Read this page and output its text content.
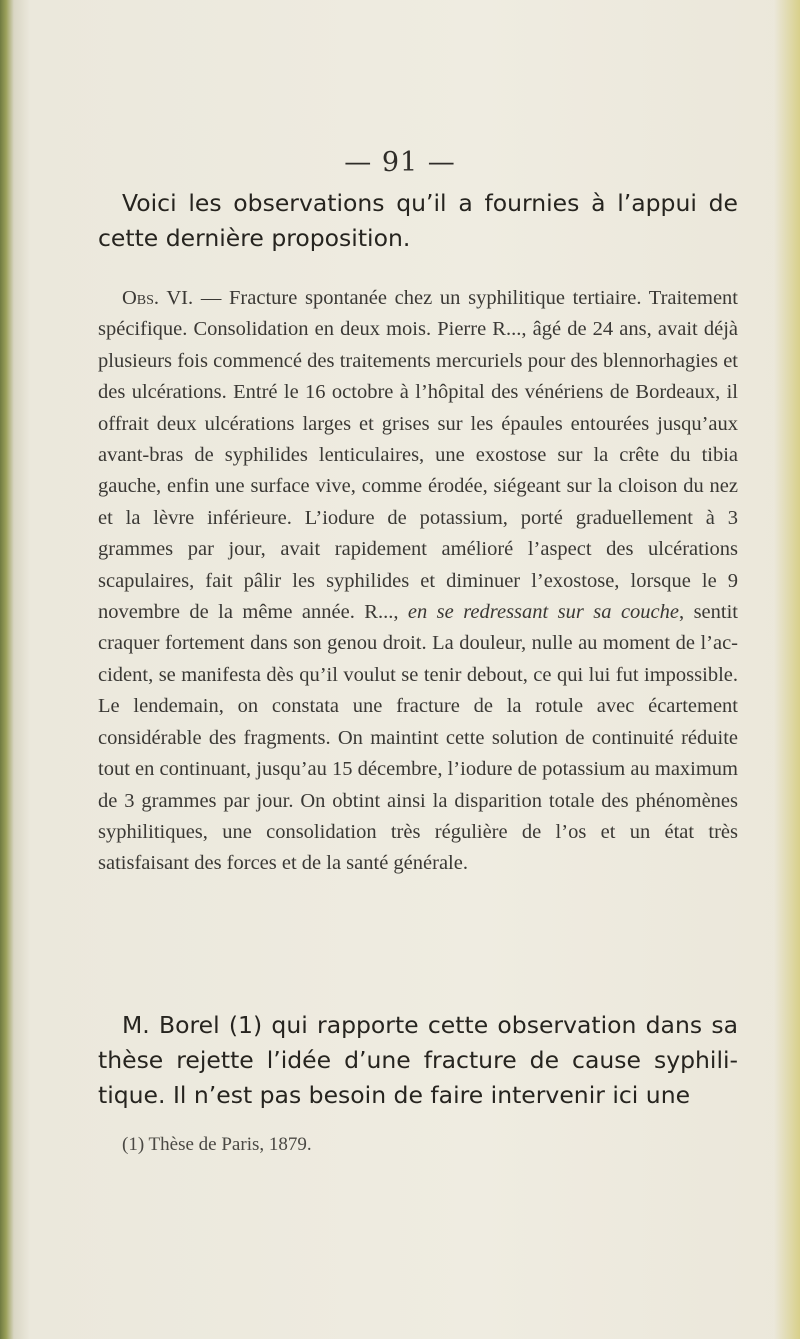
— 91 —

Voici les observations qu’il a fournies à l’appui de cette dernière proposition.

Obs. VI. — Fracture spontanée chez un syphilitique tertiaire. Traitement spécifique. Consolidation en deux mois. Pierre R..., âgé de 24 ans, avait déjà plusieurs fois commencé des traitements mercuriels pour des blennorhagies et des ulcérations. Entré le 16 octobre à l’hôpital des vénériens de Bordeaux, il offrait deux ulcérations larges et grises sur les épaules entourées jusqu’aux avant-bras de syphilides lenticulaires, une exostose sur la crête du tibia gauche, enfin une surface vive, comme érodée, siégeant sur la cloison du nez et la lèvre inférieure. L’iodure de potassium, porté graduellement à 3 grammes par jour, avait rapidement amélioré l’aspect des ulcérations scapulaires, fait pâlir les syphilides et diminuer l’exostose, lorsque le 9 novembre de la même année. R..., en se redressant sur sa couche, sentit craquer fortement dans son genou droit. La douleur, nulle au moment de l’accident, se manifesta dès qu’il voulut se tenir debout, ce qui lui fut impossible. Le lendemain, on constata une fracture de la rotule avec écartement considérable des fragments. On maintint cette solution de continuité réduite tout en continuant, jusqu’au 15 décembre, l’iodure de potassium au maximum de 3 grammes par jour. On obtint ainsi la disparition totale des phénomènes syphilitiques, une consolidation très régulière de l’os et un état très satisfaisant des forces et de la santé générale.

M. Borel (1) qui rapporte cette observation dans sa thèse rejette l’idée d’une fracture de cause syphilitique. Il n’est pas besoin de faire intervenir ici une

(1) Thèse de Paris, 1879.
